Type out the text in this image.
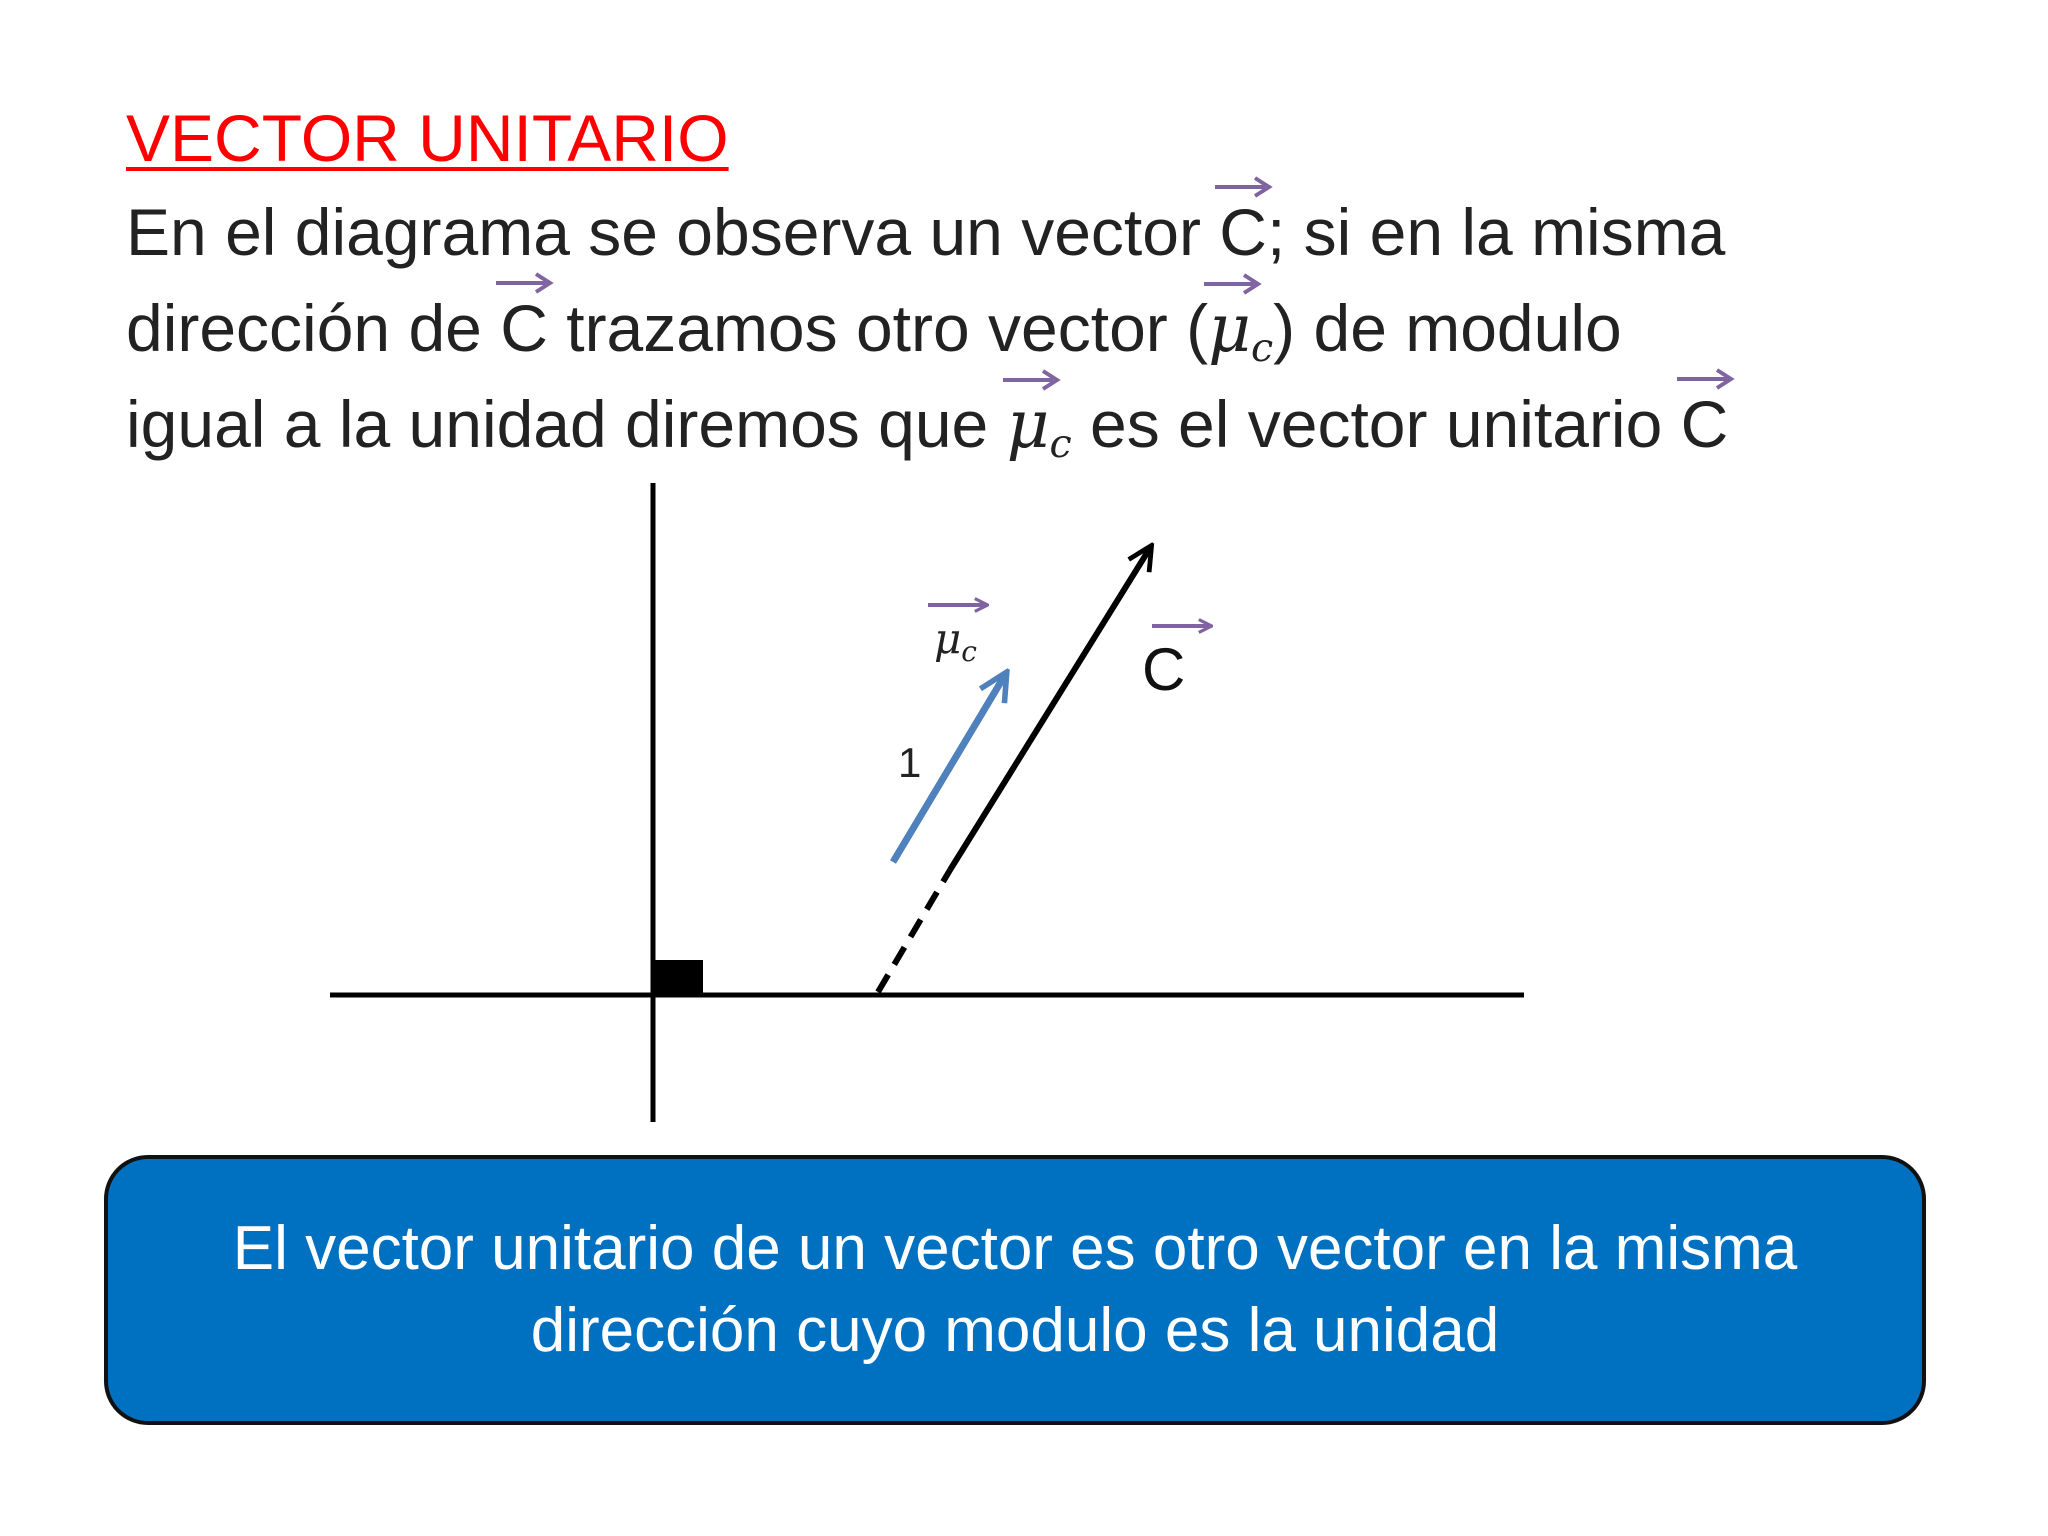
VECTOR UNITARIO
En el diagrama se observa un vector C
; si en la misma
dirección de C
trazamos otro vector ($\mu_c$
) de modulo
igual a la unidad diremos que $\mu_c$
es el vector unitario C
μc
1
C
El vector unitario de un vector es otro vector en la misma dirección cuyo modulo es la unidad
